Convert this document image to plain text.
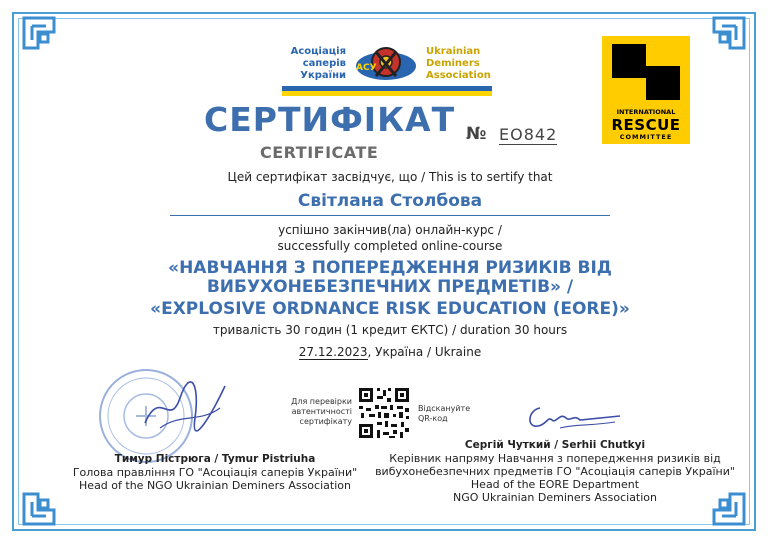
Асоціація саперів України
АСУ
Ukrainian Deminers Association
INTERNATIONAL
RESCUE
COMMITTEE
СЕРТИФІКАТ
CERTIFICATE
№ EO842
Цей сертифікат засвідчує, що / This is to sertify that
Світлана Столбова
успішно закінчив(ла) онлайн-курс /
successfully completed online-course
«НАВЧАННЯ З ПОПЕРЕДЖЕННЯ РИЗИКІВ ВІД
ВИБУХОНЕБЕЗПЕЧНИХ ПРЕДМЕТІВ» /
«EXPLOSIVE ORDNANCE RISK EDUCATION (EORE)»
тривалість 30 годин (1 кредит ЄКТС) / duration 30 hours
27.12.2023, Україна / Ukraine
Тимур Пістрюга / Tymur Pistriuha
Голова правління ГО "Асоціація саперів України"
Head of the NGO Ukrainian Deminers Association
Для перевірки автентичності сертифікату
Відскануйте QR-код
Сергій Чуткий / Serhii Chutkyi
Керівник напряму Навчання з попередження ризиків від
вибухонебезпечних предметів ГО "Асоціація саперів України"
Head of the EORE Department
NGO Ukrainian Deminers Association
